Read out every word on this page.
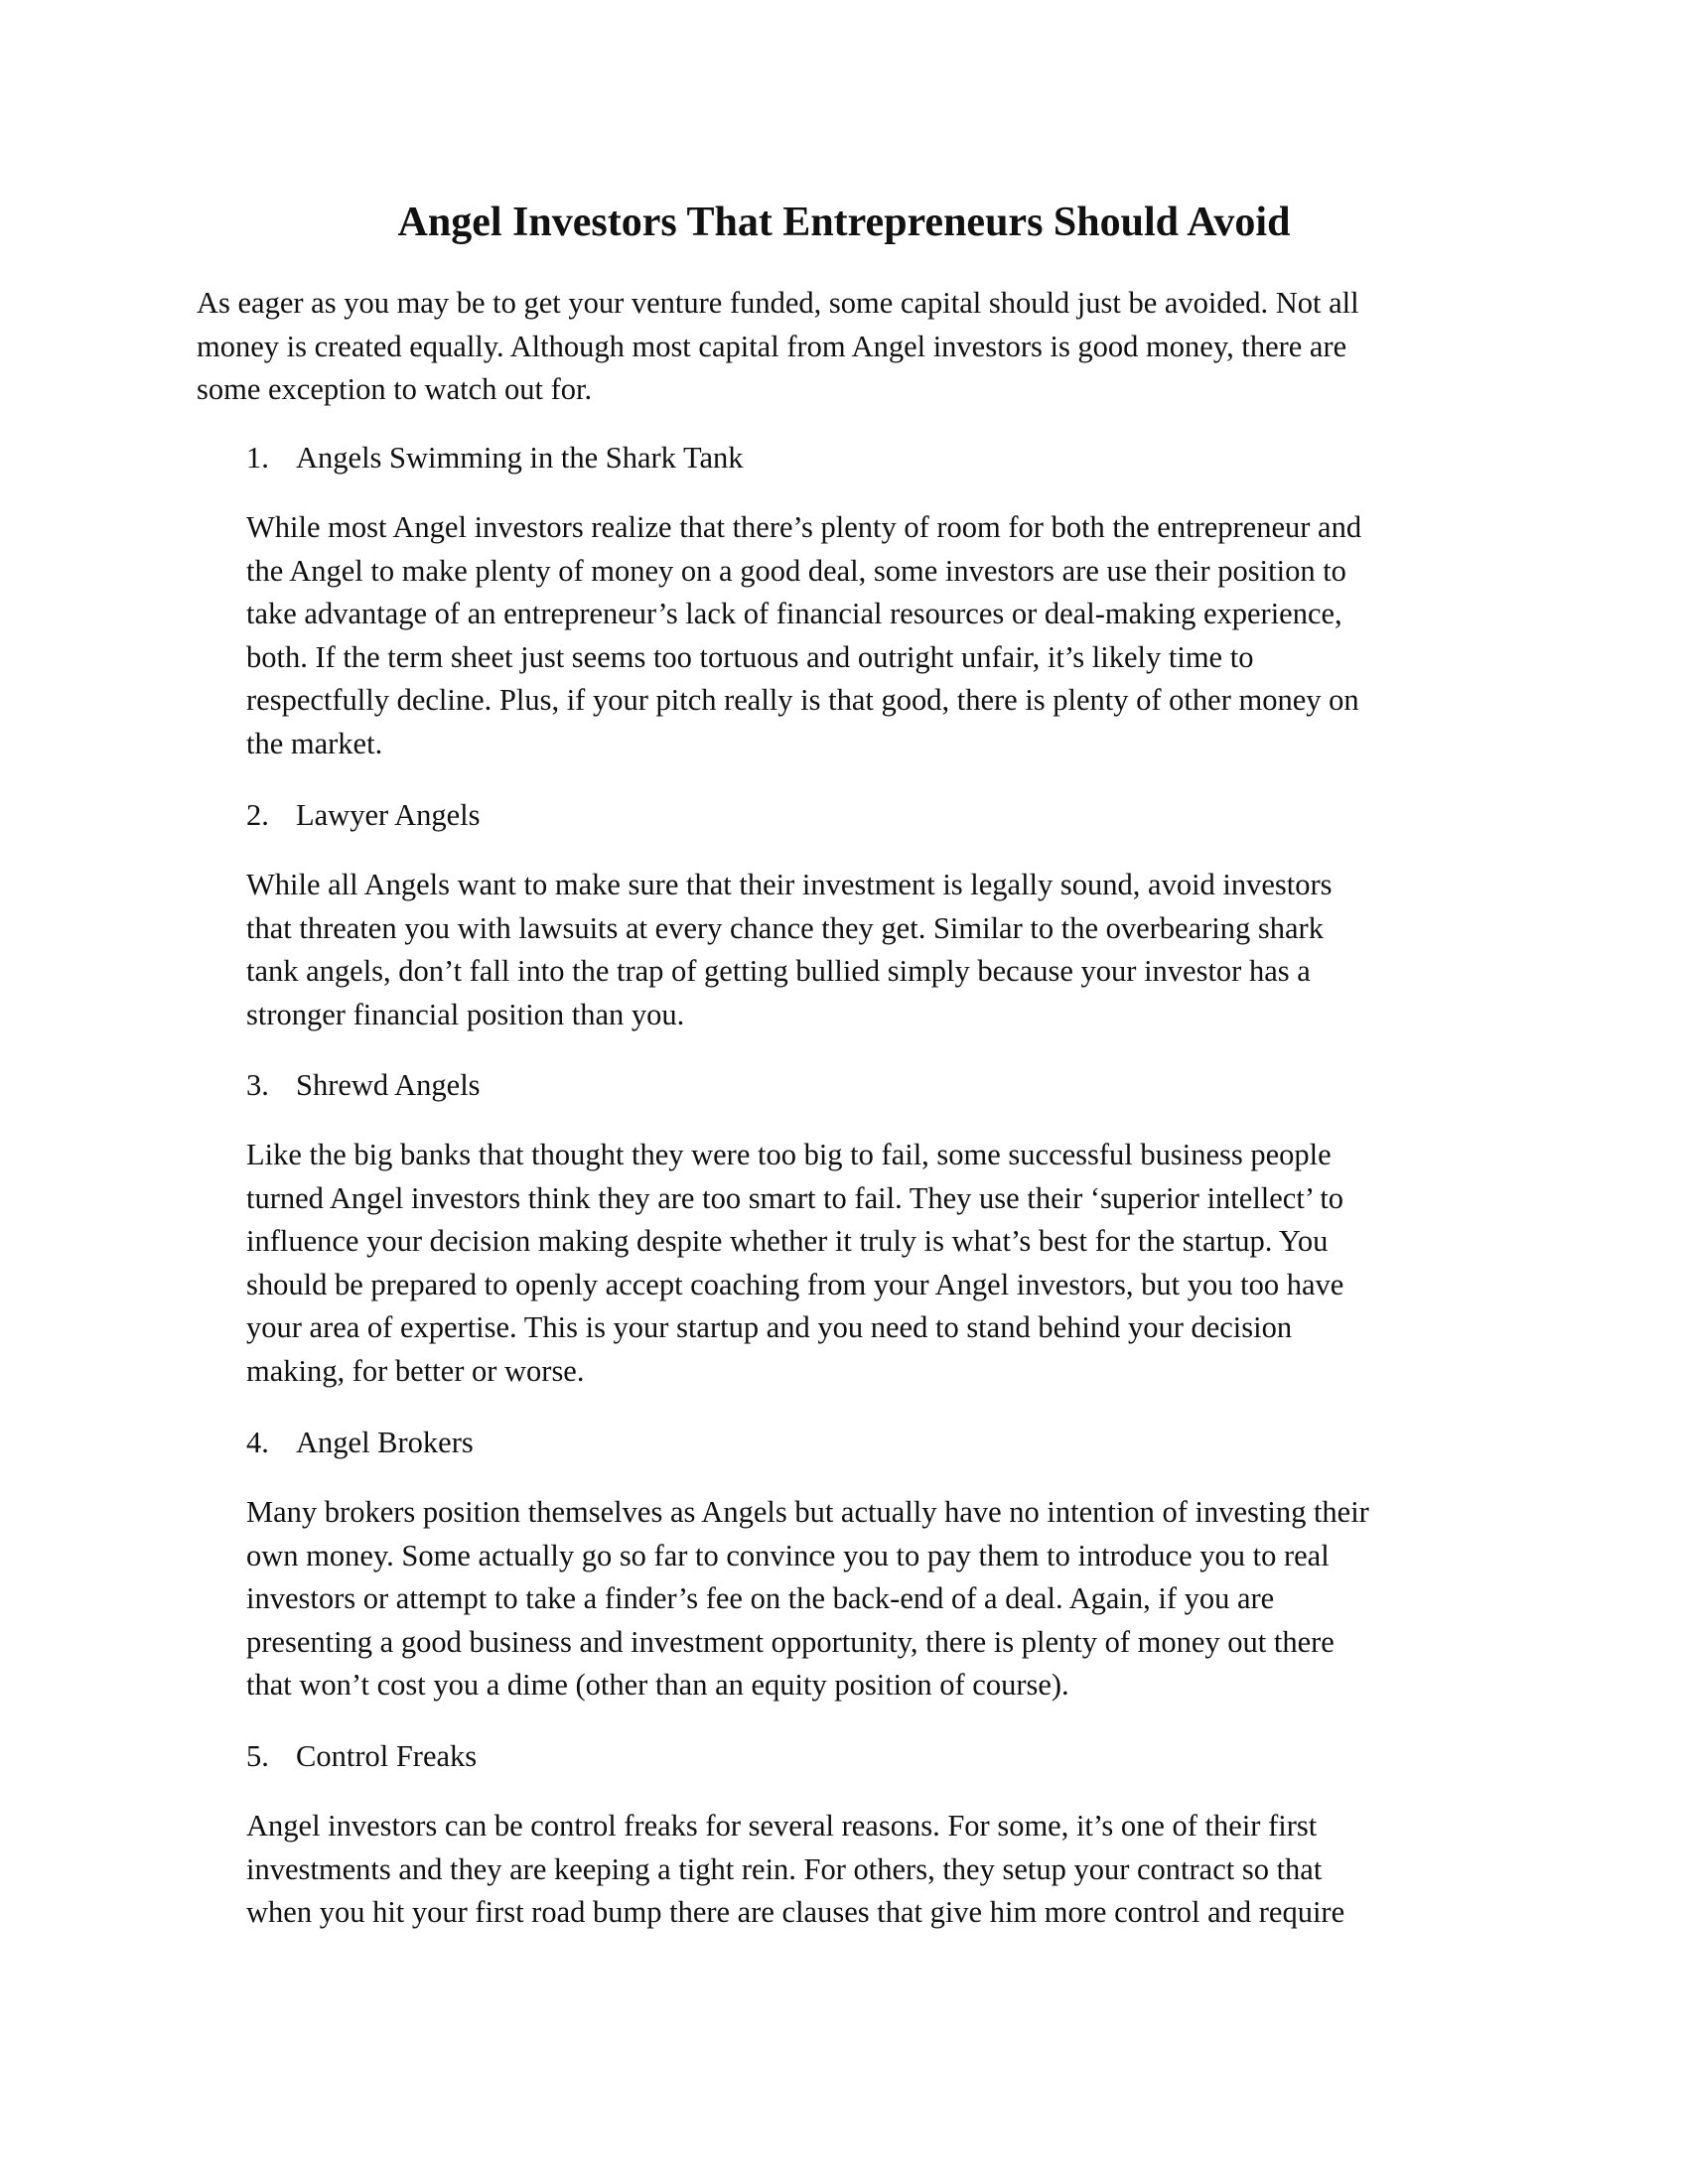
Angel Investors That Entrepreneurs Should Avoid

As eager as you may be to get your venture funded, some capital should just be avoided. Not all
money is created equally. Although most capital from Angel investors is good money, there are
some exception to watch out for.

1. Angels Swimming in the Shark Tank

While most Angel investors realize that there’s plenty of room for both the entrepreneur and
the Angel to make plenty of money on a good deal, some investors are use their position to
take advantage of an entrepreneur’s lack of financial resources or deal-making experience,
both. If the term sheet just seems too tortuous and outright unfair, it’s likely time to
respectfully decline. Plus, if your pitch really is that good, there is plenty of other money on
the market.

2. Lawyer Angels

While all Angels want to make sure that their investment is legally sound, avoid investors
that threaten you with lawsuits at every chance they get. Similar to the overbearing shark
tank angels, don’t fall into the trap of getting bullied simply because your investor has a
stronger financial position than you.

3. Shrewd Angels

Like the big banks that thought they were too big to fail, some successful business people
turned Angel investors think they are too smart to fail. They use their ‘superior intellect’ to
influence your decision making despite whether it truly is what’s best for the startup. You
should be prepared to openly accept coaching from your Angel investors, but you too have
your area of expertise. This is your startup and you need to stand behind your decision
making, for better or worse.

4. Angel Brokers

Many brokers position themselves as Angels but actually have no intention of investing their
own money. Some actually go so far to convince you to pay them to introduce you to real
investors or attempt to take a finder’s fee on the back-end of a deal. Again, if you are
presenting a good business and investment opportunity, there is plenty of money out there
that won’t cost you a dime (other than an equity position of course).

5. Control Freaks

Angel investors can be control freaks for several reasons. For some, it’s one of their first
investments and they are keeping a tight rein. For others, they setup your contract so that
when you hit your first road bump there are clauses that give him more control and require
